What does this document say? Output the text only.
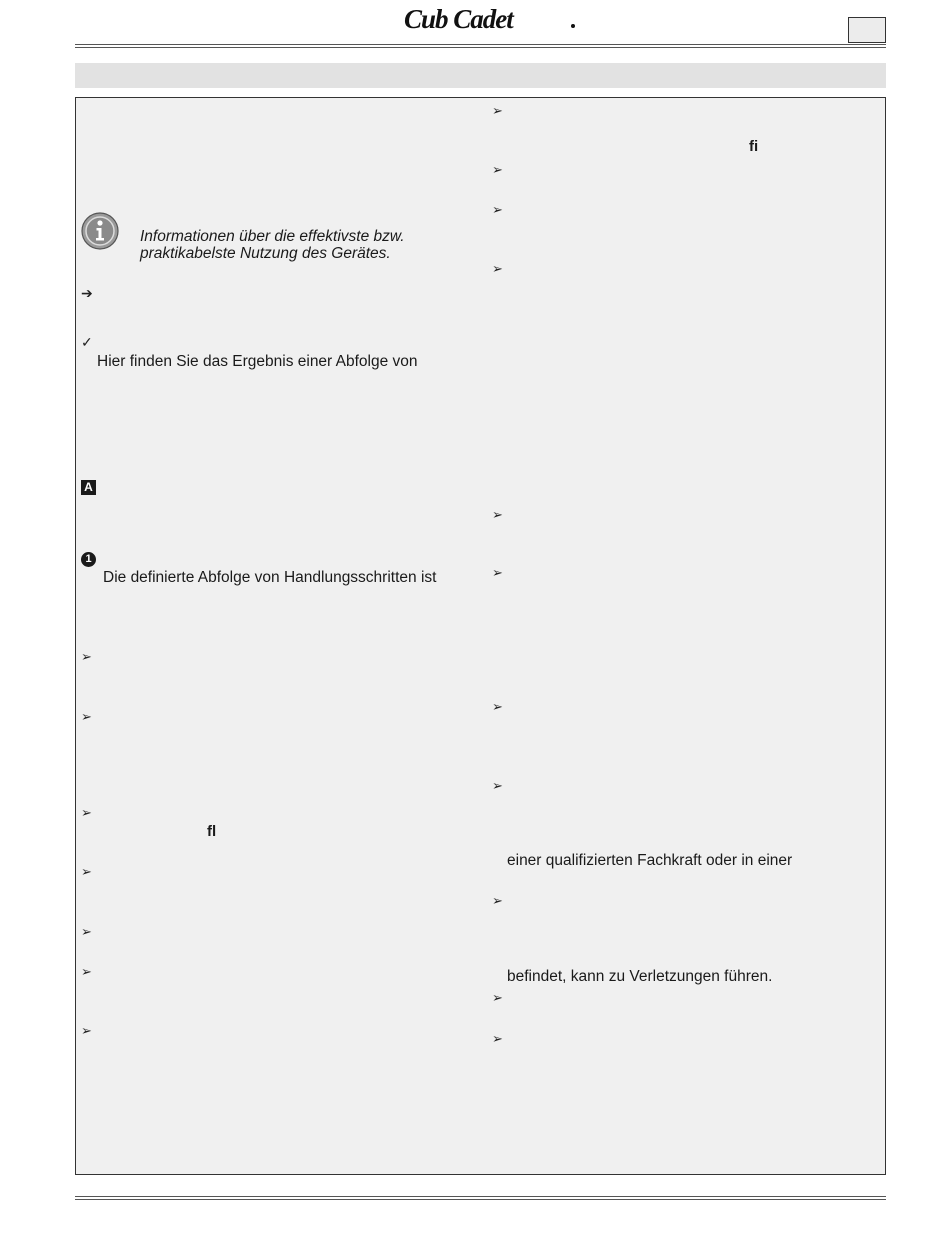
Cub Cadet
Informationen über die effektivste bzw.
praktikabelste Nutzung des Gerätes.
➔
✓
Hier finden Sie das Ergebnis einer Abfolge von
A
1
Die definierte Abfolge von Handlungsschritten ist
➢
➢
➢
fl
➢
➢
➢
➢
➢
fi
➢
➢
➢
➢
➢
➢
➢
einer qualifizierten Fachkraft oder in einer
➢
befindet, kann zu Verletzungen führen.
➢
➢
